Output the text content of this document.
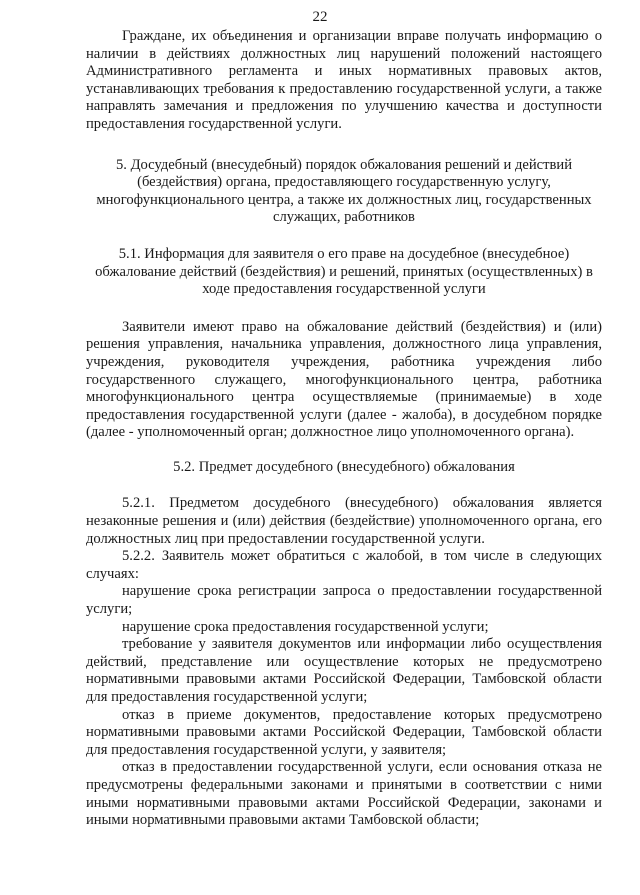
22

Граждане, их объединения и организации вправе получать информацию о наличии в действиях должностных лиц нарушений положений настоящего Административного регламента и иных нормативных правовых актов, устанавливающих требования к предоставлению государственной услуги, а также направлять замечания и предложения по улучшению качества и доступности предоставления государственной услуги.

5. Досудебный (внесудебный) порядок обжалования решений и действий (бездействия) органа, предоставляющего государственную услугу, многофункционального центра, а также их должностных лиц, государственных служащих, работников

5.1. Информация для заявителя о его праве на досудебное (внесудебное) обжалование действий (бездействия) и решений, принятых (осуществленных) в ходе предоставления государственной услуги

Заявители имеют право на обжалование действий (бездействия) и (или) решения управления, начальника управления, должностного лица управления, учреждения, руководителя учреждения, работника учреждения либо государственного служащего, многофункционального центра, работника многофункционального центра осуществляемые (принимаемые) в ходе предоставления государственной услуги (далее - жалоба), в досудебном порядке (далее - уполномоченный орган; должностное лицо уполномоченного органа).

5.2. Предмет досудебного (внесудебного) обжалования

5.2.1. Предметом досудебного (внесудебного) обжалования является незаконные решения и (или) действия (бездействие) уполномоченного органа, его должностных лиц при предоставлении государственной услуги.

5.2.2. Заявитель может обратиться с жалобой, в том числе в следующих случаях:

нарушение срока регистрации запроса о предоставлении государственной услуги;

нарушение срока предоставления государственной услуги;

требование у заявителя документов или информации либо осуществления действий, представление или осуществление которых не предусмотрено нормативными правовыми актами Российской Федерации, Тамбовской области для предоставления государственной услуги;

отказ в приеме документов, предоставление которых предусмотрено нормативными правовыми актами Российской Федерации, Тамбовской области для предоставления государственной услуги, у заявителя;

отказ в предоставлении государственной услуги, если основания отказа не предусмотрены федеральными законами и принятыми в соответствии с ними иными нормативными правовыми актами Российской Федерации, законами и иными нормативными правовыми актами Тамбовской области;
